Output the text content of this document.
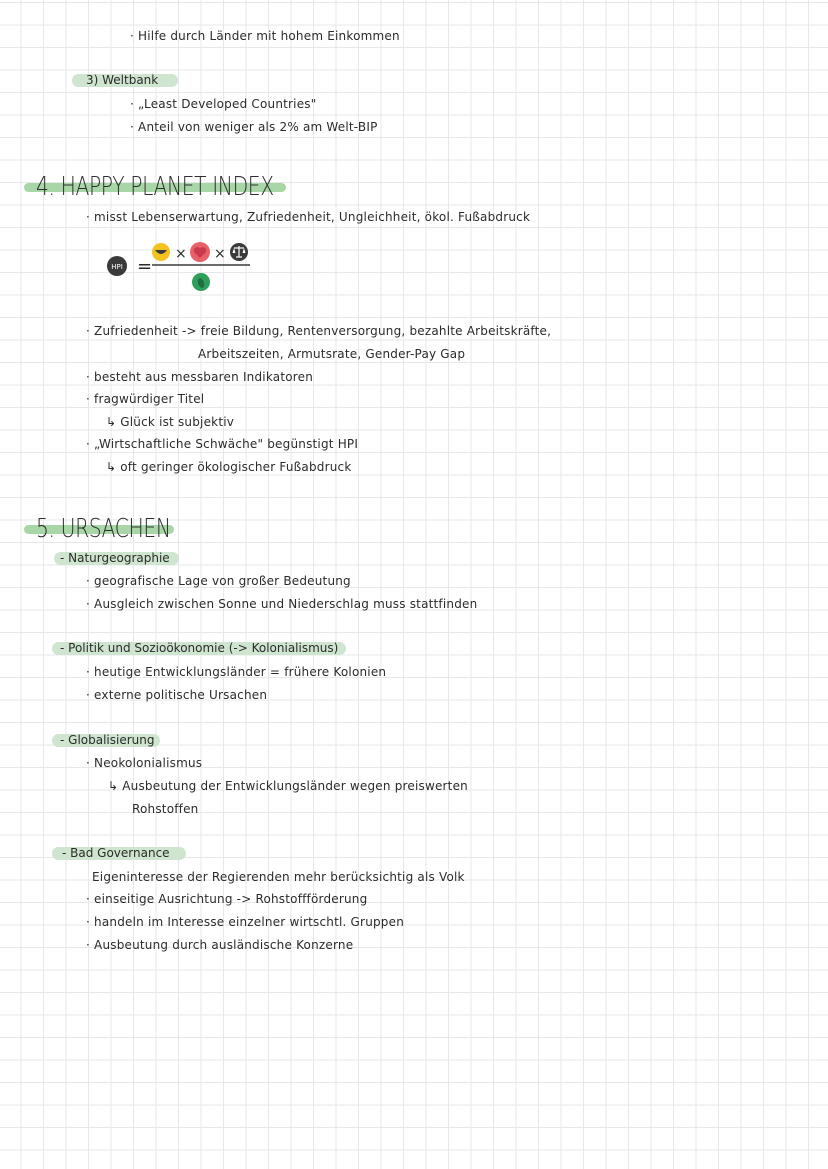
· Hilfe durch Länder mit hohem Einkommen
3) Weltbank
· „Least Developed Countries"
· Anteil von weniger als 2% am Welt-BIP
4. HAPPY PLANET INDEX
· misst Lebenserwartung, Zufriedenheit, Ungleichheit, ökol. Fußabdruck
HPI =
× ×
· Zufriedenheit -> freie Bildung, Rentenversorgung, bezahlte Arbeitskräfte,
Arbeitszeiten, Armutsrate, Gender-Pay Gap
· besteht aus messbaren Indikatoren
· fragwürdiger Titel
↳ Glück ist subjektiv
· „Wirtschaftliche Schwäche" begünstigt HPI
↳ oft geringer ökologischer Fußabdruck
5. URSACHEN
- Naturgeographie
· geografische Lage von großer Bedeutung
· Ausgleich zwischen Sonne und Niederschlag muss stattfinden
- Politik und Sozioökonomie (-> Kolonialismus)
· heutige Entwicklungsländer = frühere Kolonien
· externe politische Ursachen
- Globalisierung
· Neokolonialismus
↳ Ausbeutung der Entwicklungsländer wegen preiswerten
Rohstoffen
- Bad Governance
Eigeninteresse der Regierenden mehr berücksichtig als Volk
· einseitige Ausrichtung -> Rohstoffförderung
· handeln im Interesse einzelner wirtschtl. Gruppen
· Ausbeutung durch ausländische Konzerne
